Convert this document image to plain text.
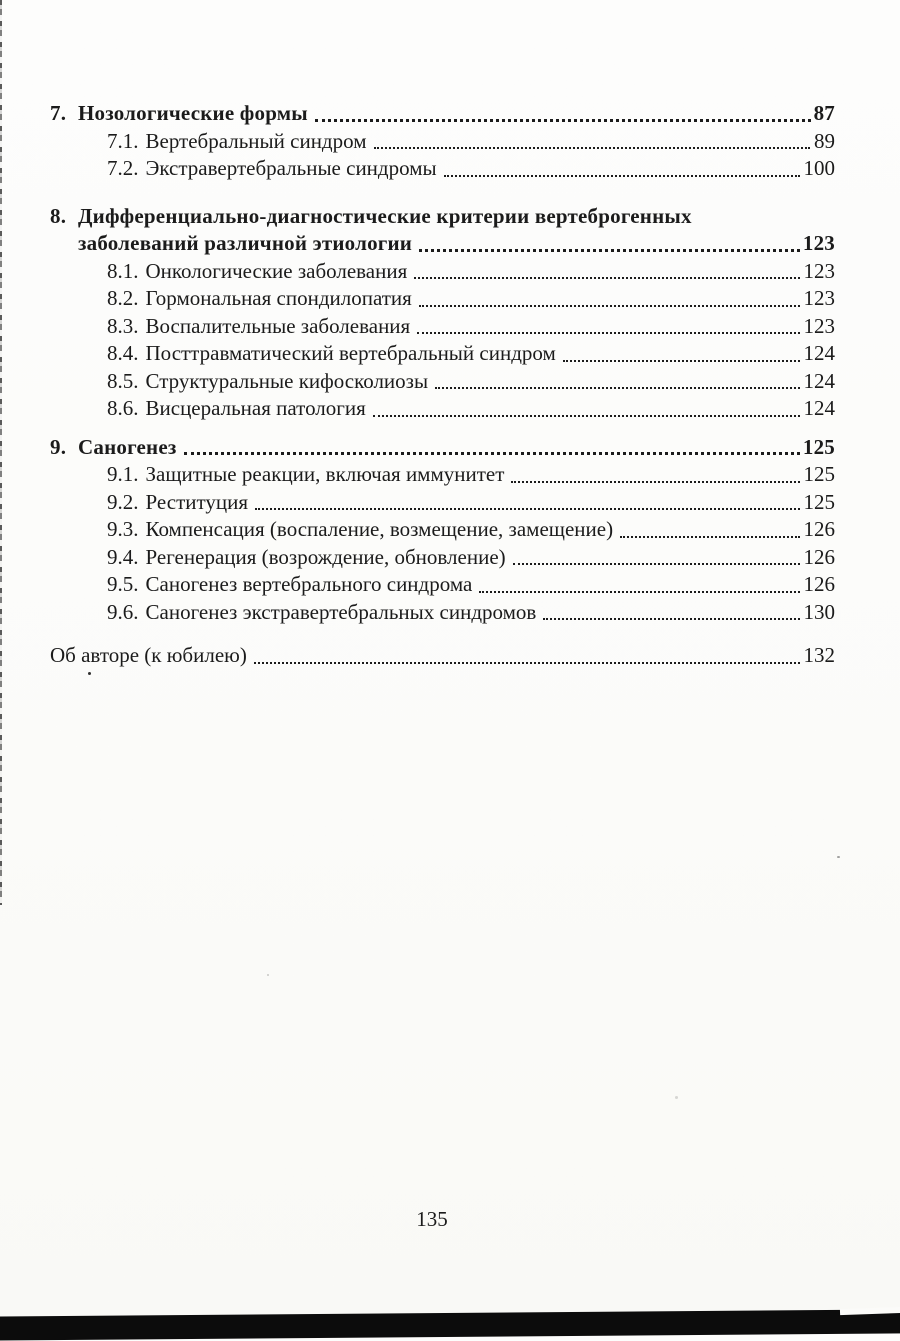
7. Нозологические формы	87
7.1. Вертебральный синдром	89
7.2. Экстравертебральные синдромы	100
8. Дифференциально-диагностические критерии вертеброгенных
заболеваний различной этиологии	123
8.1. Онкологические заболевания	123
8.2. Гормональная спондилопатия	123
8.3. Воспалительные заболевания	123
8.4. Посттравматический вертебральный синдром	124
8.5. Структуральные кифосколиозы	124
8.6. Висцеральная патология	124
9. Саногенез	125
9.1. Защитные реакции, включая иммунитет	125
9.2. Реституция	125
9.3. Компенсация (воспаление, возмещение, замещение)	126
9.4. Регенерация (возрождение, обновление)	126
9.5. Саногенез вертебрального синдрома	126
9.6. Саногенез экстравертебральных синдромов	130
Об авторе (к юбилею)	132
135
